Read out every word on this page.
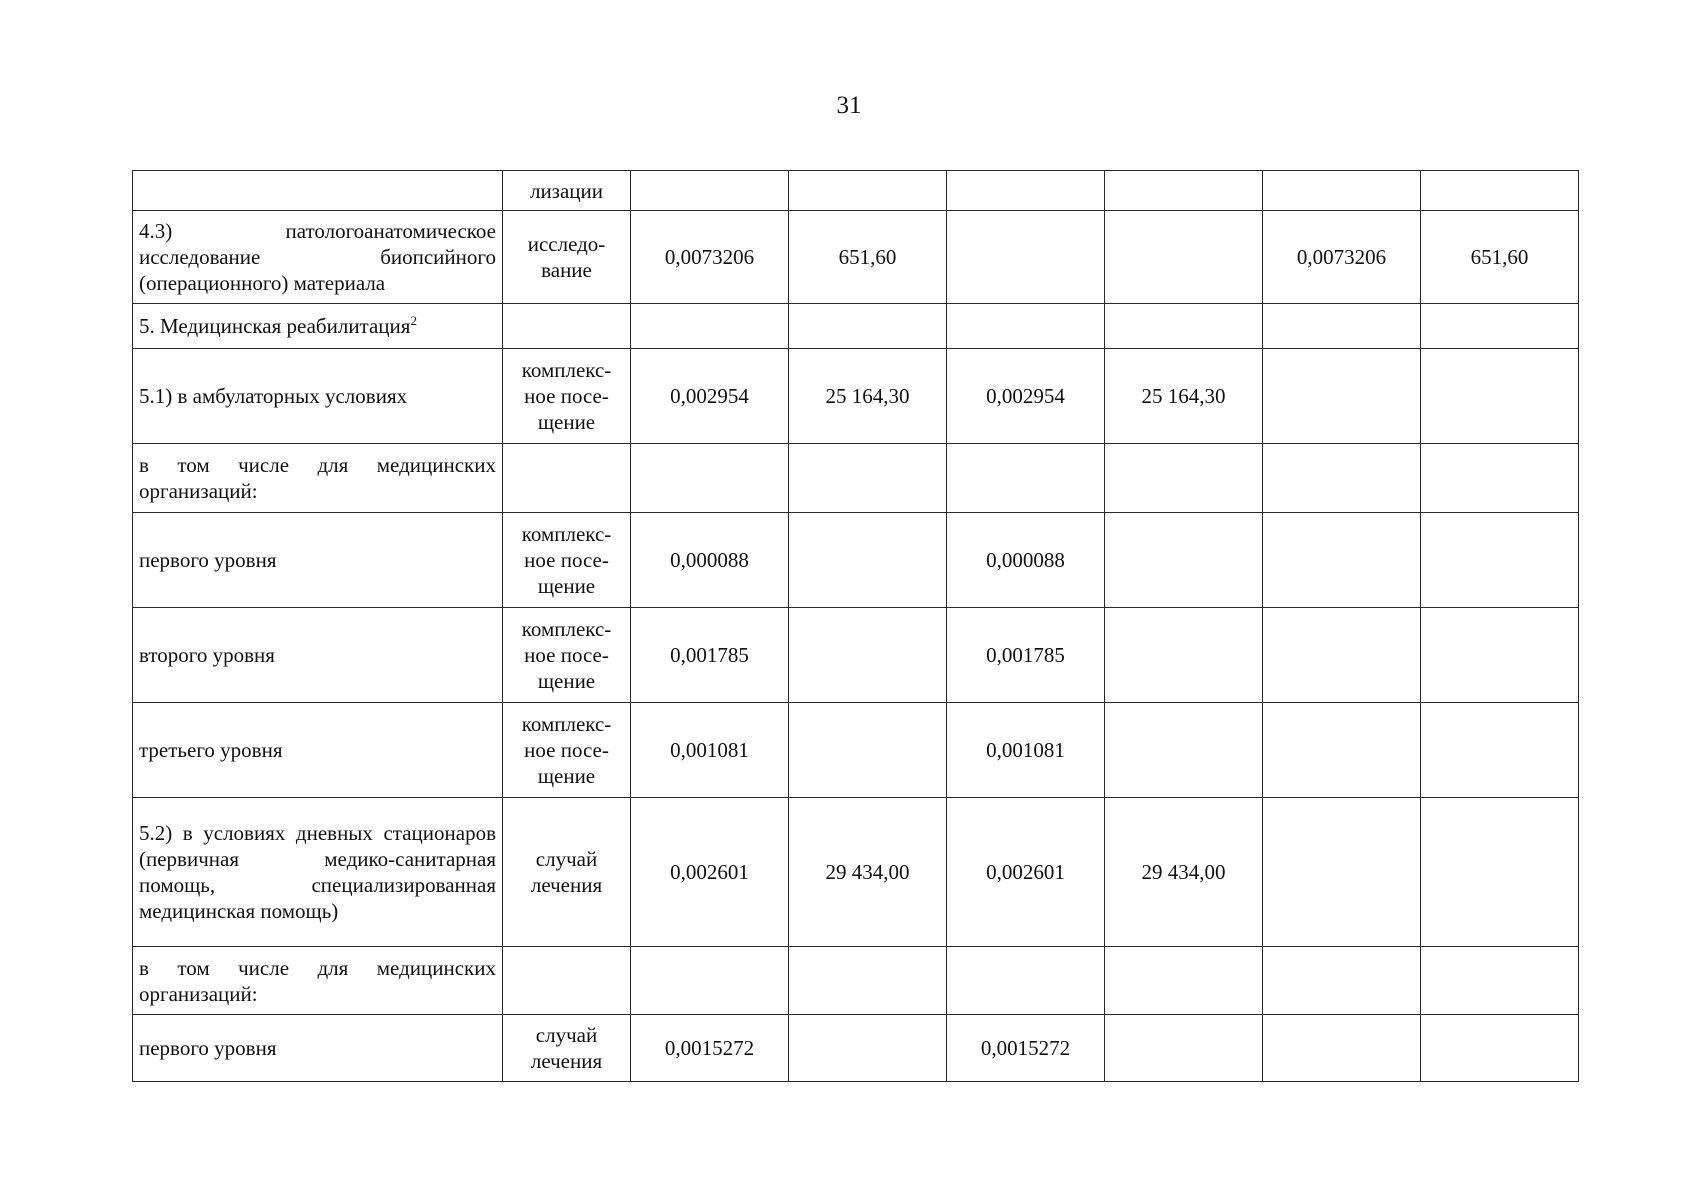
31
	лизации						
4.3) патологоанатомическое исследование биопсийного (операционного) материала	исследо-вание	0,0073206	651,60			0,0073206	651,60
5. Медицинская реабилитация$^2$							
5.1) в амбулаторных условиях	комплекс-ное посе-щение	0,002954	25 164,30	0,002954	25 164,30		
в том числе для медицинских организаций:							
первого уровня	комплекс-ное посе-щение	0,000088		0,000088			
второго уровня	комплекс-ное посе-щение	0,001785		0,001785			
третьего уровня	комплекс-ное посе-щение	0,001081		0,001081			
5.2) в условиях дневных стационаров (первичная медико-санитарная помощь, специализированная медицинская помощь)	случай лечения	0,002601	29 434,00	0,002601	29 434,00		
в том числе для медицинских организаций:							
первого уровня	случай лечения	0,0015272		0,0015272			
